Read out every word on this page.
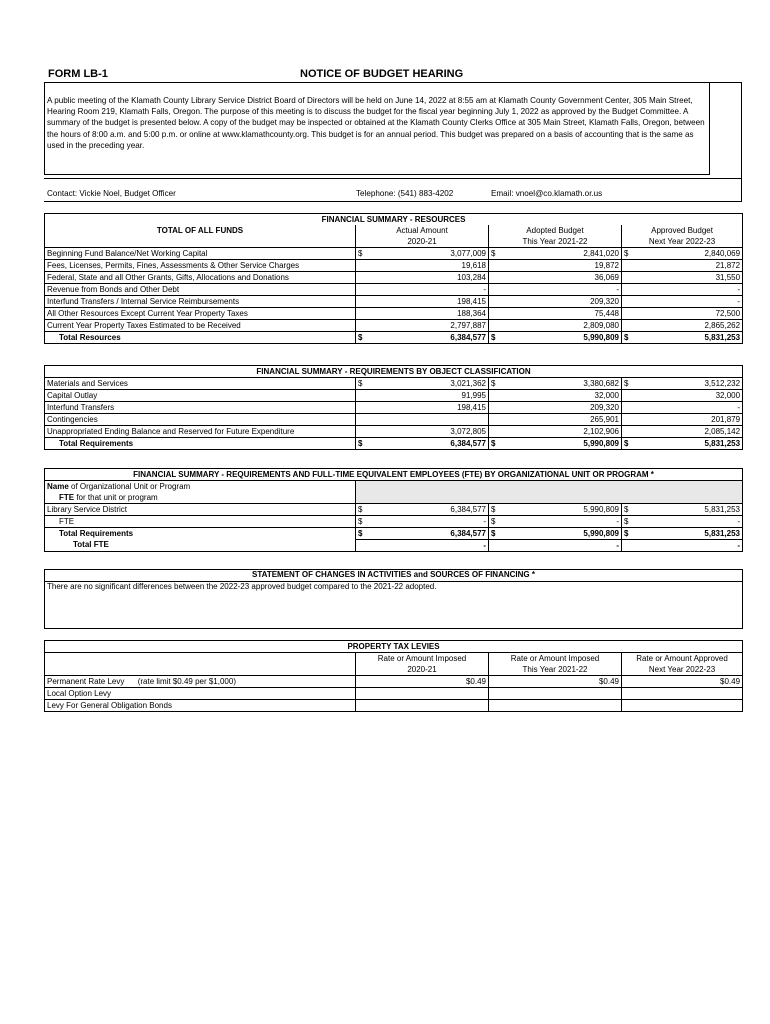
FORM LB-1	NOTICE OF BUDGET HEARING
A public meeting of the Klamath County Library Service District Board of Directors will be held on June 14, 2022 at 8:55 am at Klamath County Government Center, 305 Main Street, Hearing Room 219, Klamath Falls, Oregon. The purpose of this meeting is to discuss the budget for the fiscal year beginning July 1, 2022 as approved by the Budget Committee. A summary of the budget is presented below. A copy of the budget may be inspected or obtained at the Klamath County Clerks Office at 305 Main Street, Klamath Falls, Oregon, between the hours of 8:00 a.m. and 5:00 p.m. or online at www.klamathcounty.org. This budget is for an annual period. This budget was prepared on a basis of accounting that is the same as used in the preceding year.
Contact: Vickie Noel, Budget Officer	Telephone: (541) 883-4202	Email: vnoel@co.klamath.or.us
FINANCIAL SUMMARY - RESOURCES			
TOTAL OF ALL FUNDS	Actual Amount	Adopted Budget	Approved Budget
	2020-21	This Year 2021-22	Next Year 2022-23
Beginning Fund Balance/Net Working Capital	$ 3,077,009	$ 2,841,020	$ 2,840,069
Fees, Licenses, Permits, Fines, Assessments & Other Service Charges	19,618	19,872	21,872
Federal, State and all Other Grants, Gifts, Allocations and Donations	103,284	36,069	31,550
Revenue from Bonds and Other Debt	-	-	-
Interfund Transfers / Internal Service Reimbursements	198,415	209,320	-
All Other Resources Except Current Year Property Taxes	188,364	75,448	72,500
Current Year Property Taxes Estimated to be Received	2,797,887	2,809,080	2,865,262
Total Resources	$ 6,384,577	$ 5,990,809	$ 5,831,253
FINANCIAL SUMMARY - REQUIREMENTS BY OBJECT CLASSIFICATION			
Materials and Services	$ 3,021,362	$ 3,380,682	$ 3,512,232
Capital Outlay	91,995	32,000	32,000
Interfund Transfers	198,415	209,320	-
Contingencies		265,901	201,879
Unappropriated Ending Balance and Reserved for Future Expenditure	3,072,805	2,102,906	2,085,142
Total Requirements	$ 6,384,577	$ 5,990,809	$ 5,831,253
FINANCIAL SUMMARY - REQUIREMENTS AND FULL-TIME EQUIVALENT EMPLOYEES (FTE) BY ORGANIZATIONAL UNIT OR PROGRAM *			
Name of Organizational Unit or Program			
FTE for that unit or program			
Library Service District	$ 6,384,577	$ 5,990,809	$ 5,831,253
FTE	$ -	$ -	$ -
Total Requirements	$ 6,384,577	$ 5,990,809	$ 5,831,253
Total FTE	-	-	-

STATEMENT OF CHANGES IN ACTIVITIES and SOURCES OF FINANCING *
There are no significant differences between the 2022-23 approved budget compared to the 2021-22 adopted.
PROPERTY TAX LEVIES			
	Rate or Amount Imposed	Rate or Amount Imposed	Rate or Amount Approved
	2020-21	This Year 2021-22	Next Year 2022-23
Permanent Rate Levy      (rate limit $0.49 per $1,000)	$0.49	$0.49	$0.49
Local Option Levy			
Levy For General Obligation Bonds			
